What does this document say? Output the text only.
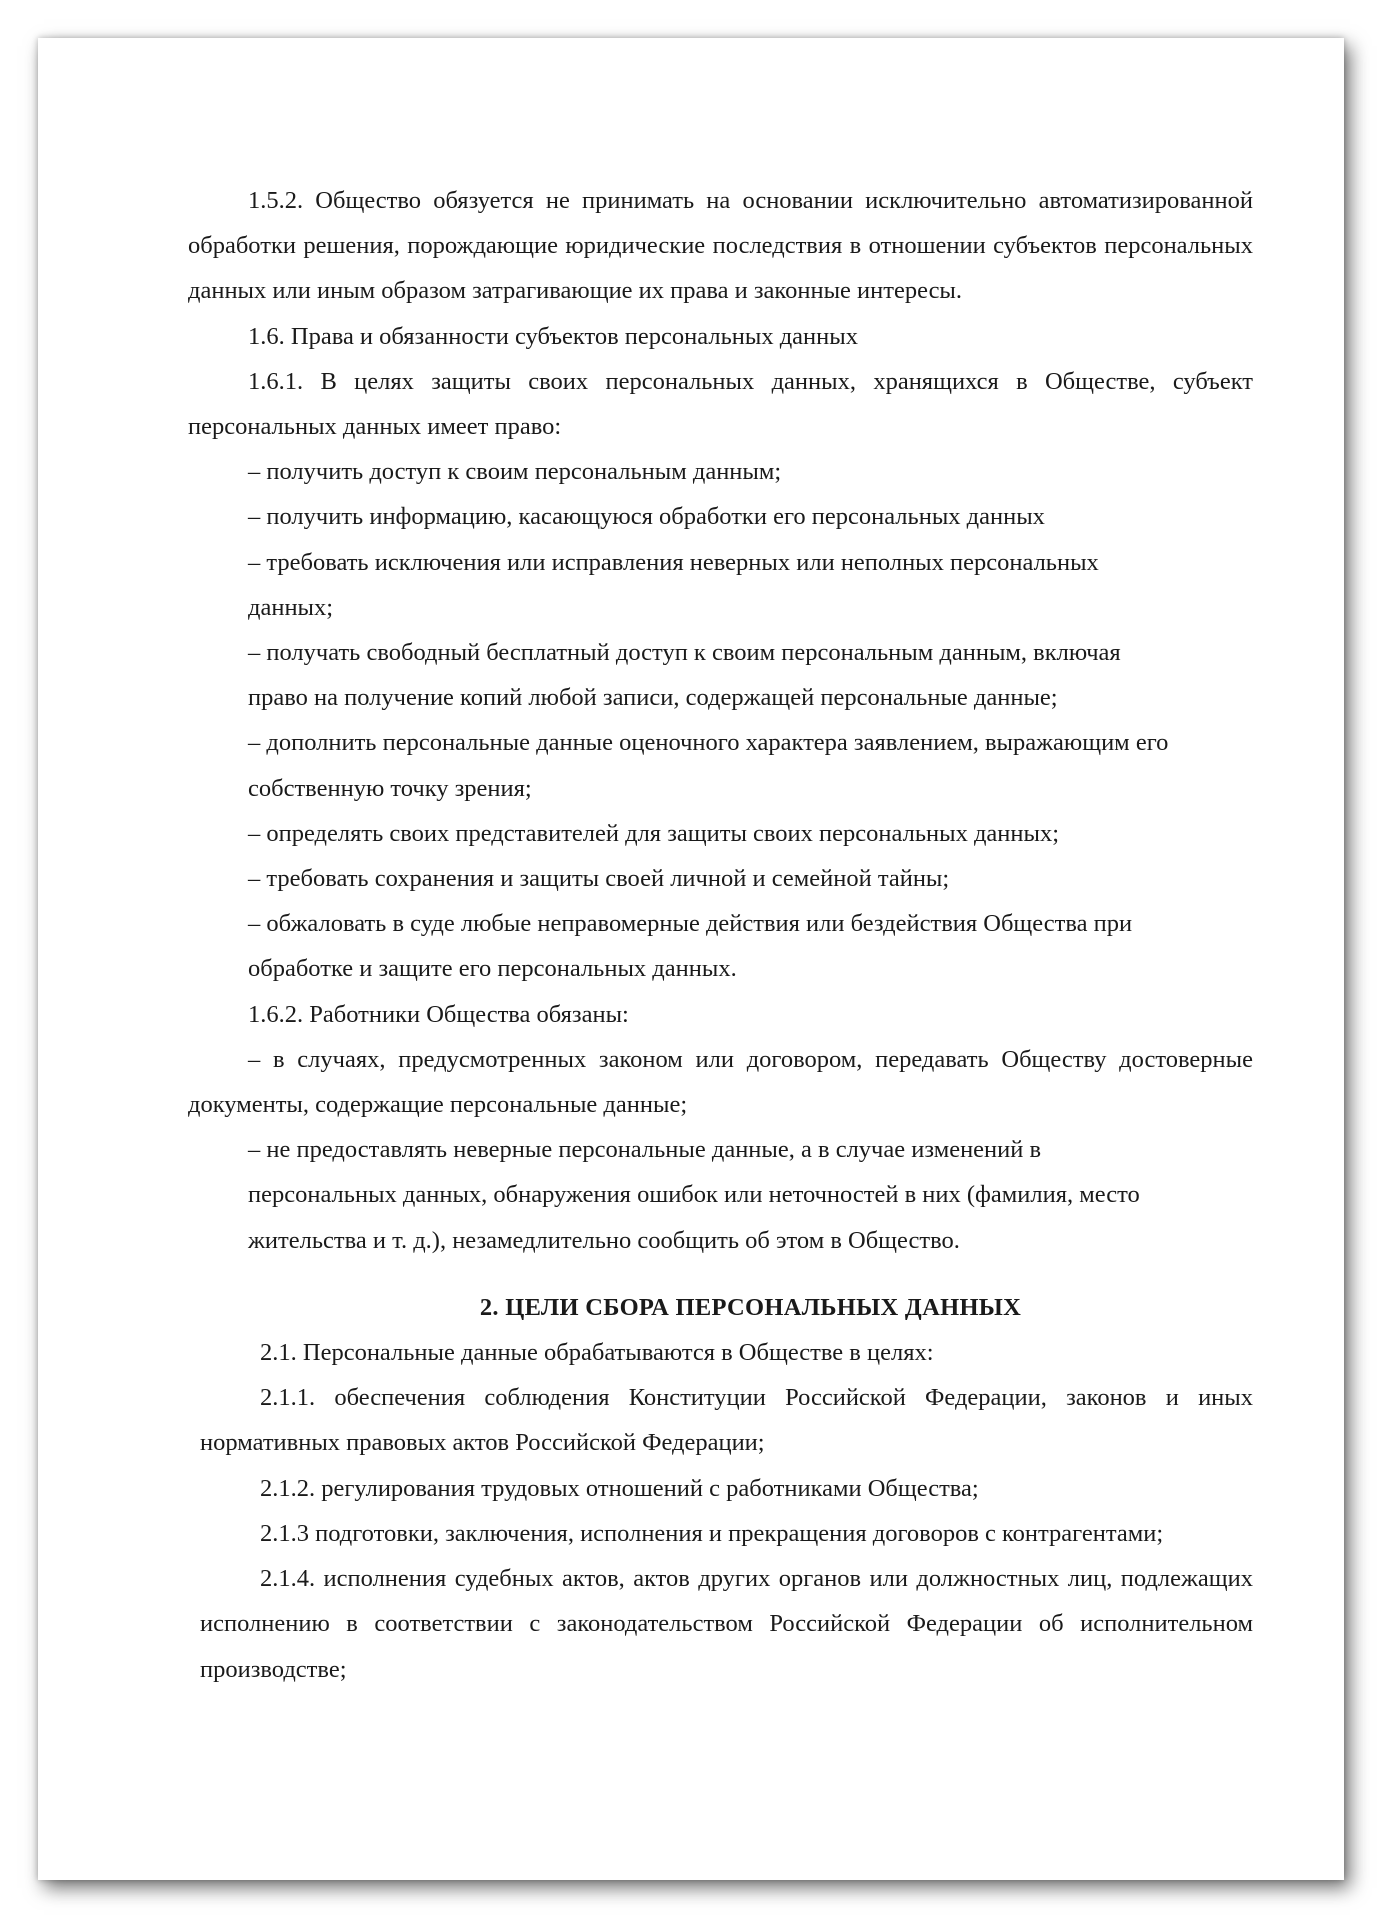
1.5.2. Общество обязуется не принимать на основании исключительно автоматизированной обработки решения, порождающие юридические последствия в отношении субъектов персональных данных или иным образом затрагивающие их права и законные интересы.

1.6. Права и обязанности субъектов персональных данных

1.6.1. В целях защиты своих персональных данных, хранящихся в Обществе, субъект персональных данных имеет право:

– получить доступ к своим персональным данным;

– получить информацию, касающуюся обработки его персональных данных

– требовать исключения или исправления неверных или неполных персональных данных;

– получать свободный бесплатный доступ к своим персональным данным, включая право на получение копий любой записи, содержащей персональные данные;

– дополнить персональные данные оценочного характера заявлением, выражающим его собственную точку зрения;

– определять своих представителей для защиты своих персональных данных;

– требовать сохранения и защиты своей личной и семейной тайны;

– обжаловать в суде любые неправомерные действия или бездействия Общества при обработке и защите его персональных данных.

1.6.2. Работники Общества обязаны:

– в случаях, предусмотренных законом или договором, передавать Обществу достоверные документы, содержащие персональные данные;

– не предоставлять неверные персональные данные, а в случае изменений в персональных данных, обнаружения ошибок или неточностей в них (фамилия, место жительства и т. д.), незамедлительно сообщить об этом в Общество.

2. ЦЕЛИ СБОРА ПЕРСОНАЛЬНЫХ ДАННЫХ

2.1. Персональные данные обрабатываются в Обществе в целях:

2.1.1. обеспечения соблюдения Конституции Российской Федерации, законов и иных нормативных правовых актов Российской Федерации;

2.1.2. регулирования трудовых отношений с работниками Общества;

2.1.3 подготовки, заключения, исполнения и прекращения договоров с контрагентами;

2.1.4. исполнения судебных актов, актов других органов или должностных лиц, подлежащих исполнению в соответствии с законодательством Российской Федерации об исполнительном производстве;
